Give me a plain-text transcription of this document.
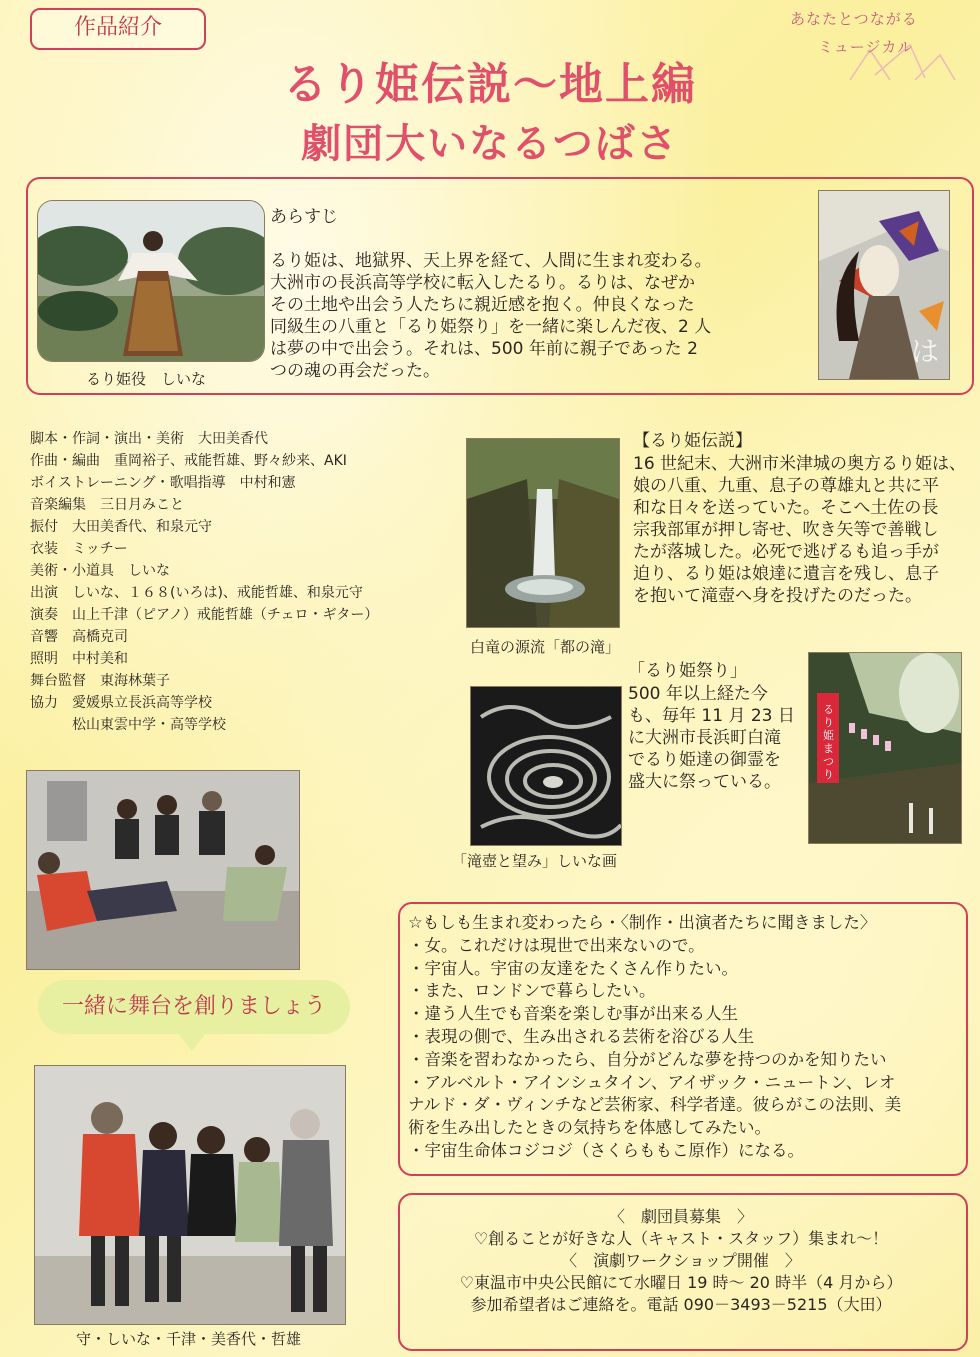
作品紹介	あなたとつながる
ミュージカル
るり姫伝説～地上編
劇団大いなるつばさ
るり姫役　しいな
あらすじ
るり姫は、地獄界、天上界を経て、人間に生まれ変わる。
大洲市の長浜高等学校に転入したるり。るりは、なぜか
その土地や出会う人たちに親近感を抱く。仲良くなった
同級生の八重と「るり姫祭り」を一緒に楽しんだ夜、2 人
は夢の中で出会う。それは、500 年前に親子であった 2
つの魂の再会だった。
は
脚本・作詞・演出・美術　大田美香代
作曲・編曲　重岡裕子、戒能哲雄、野々紗来、AKI
ボイストレーニング・歌唱指導　中村和憲
音楽編集　三日月みこと
振付　大田美香代、和泉元守
衣装　ミッチー
美術・小道具　しいな
出演　しいな、１６８(いろは)、戒能哲雄、和泉元守
演奏　山上千津（ピアノ）戒能哲雄（チェロ・ギター）
音響　高橋克司
照明　中村美和
舞台監督　東海林葉子
協力　愛媛県立長浜高等学校
　　　松山東雲中学・高等学校
白竜の源流「都の滝」
【るり姫伝説】
16 世紀末、大洲市米津城の奥方るり姫は、
娘の八重、九重、息子の尊雄丸と共に平
和な日々を送っていた。そこへ土佐の長
宗我部軍が押し寄せ、吹き矢等で善戦し
たが落城した。必死で逃げるも追っ手が
迫り、るり姫は娘達に遺言を残し、息子
を抱いて滝壺へ身を投げたのだった。
「滝壺と望み」しいな画
「るり姫祭り」
500 年以上経た今
も、毎年 11 月 23 日
に大洲市長浜町白滝
でるり姫達の御霊を
盛大に祭っている。
るり姫まつり
一緒に舞台を創りましょう
守・しいな・千津・美香代・哲雄
☆もしも生まれ変わったら・〈制作・出演者たちに聞きました〉
・女。これだけは現世で出来ないので。
・宇宙人。宇宙の友達をたくさん作りたい。
・また、ロンドンで暮らしたい。
・違う人生でも音楽を楽しむ事が出来る人生
・表現の側で、生み出される芸術を浴びる人生
・音楽を習わなかったら、自分がどんな夢を持つのかを知りたい
・アルベルト・アインシュタイン、アイザック・ニュートン、レオ
ナルド・ダ・ヴィンチなど芸術家、科学者達。彼らがこの法則、美
術を生み出したときの気持ちを体感してみたい。
・宇宙生命体コジコジ（さくらももこ原作）になる。
〈　劇団員募集　〉
♡創ることが好きな人（キャスト・スタッフ）集まれ～！
〈　演劇ワークショップ開催　〉
♡東温市中央公民館にて水曜日 19 時～ 20 時半（4 月から）
参加希望者はご連絡を。電話 090－3493－5215（大田）
